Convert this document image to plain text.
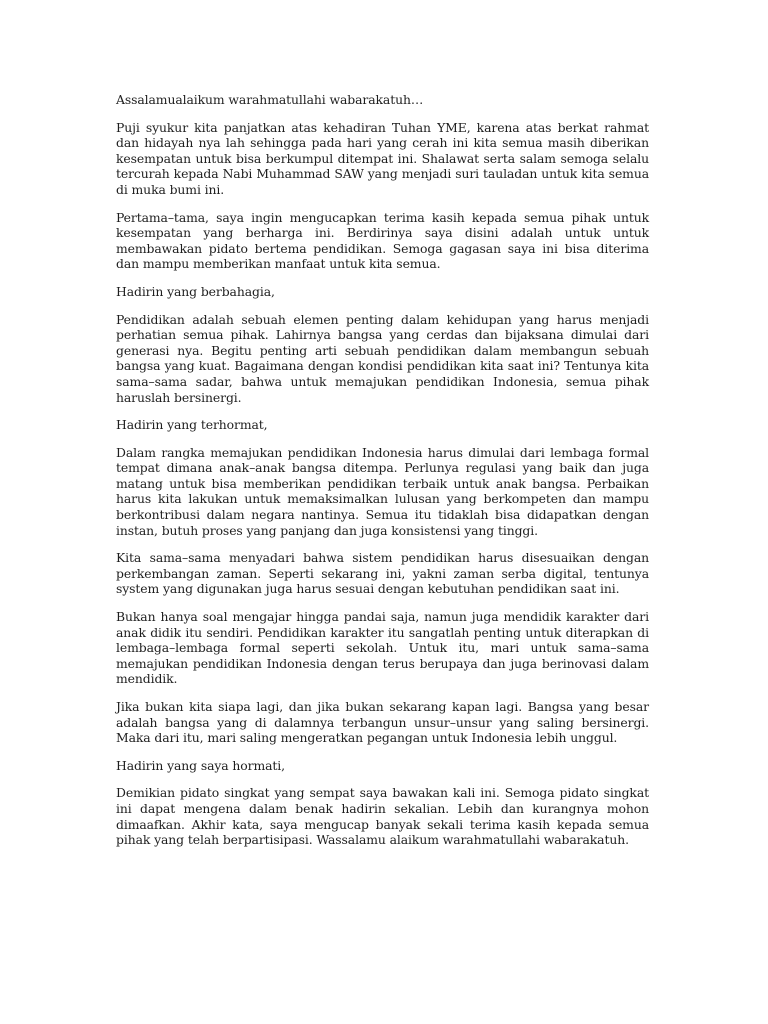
Assalamualaikum warahmatullahi wabarakatuh…

Puji syukur kita panjatkan atas kehadiran Tuhan YME, karena atas berkat rahmat dan hidayah nya lah sehingga pada hari yang cerah ini kita semua masih diberikan kesempatan untuk bisa berkumpul ditempat ini. Shalawat serta salam semoga selalu tercurah kepada Nabi Muhammad SAW yang menjadi suri tauladan untuk kita semua di muka bumi ini.

Pertama–tama, saya ingin mengucapkan terima kasih kepada semua pihak untuk kesempatan yang berharga ini. Berdirinya saya disini adalah untuk untuk membawakan pidato bertema pendidikan. Semoga gagasan saya ini bisa diterima dan mampu memberikan manfaat untuk kita semua.

Hadirin yang berbahagia,

Pendidikan adalah sebuah elemen penting dalam kehidupan yang harus menjadi perhatian semua pihak. Lahirnya bangsa yang cerdas dan bijaksana dimulai dari generasi nya. Begitu penting arti sebuah pendidikan dalam membangun sebuah bangsa yang kuat. Bagaimana dengan kondisi pendidikan kita saat ini? Tentunya kita sama–sama sadar, bahwa untuk memajukan pendidikan Indonesia, semua pihak haruslah bersinergi.

Hadirin yang terhormat,

Dalam rangka memajukan pendidikan Indonesia harus dimulai dari lembaga formal tempat dimana anak–anak bangsa ditempa. Perlunya regulasi yang baik dan juga matang untuk bisa memberikan pendidikan terbaik untuk anak bangsa. Perbaikan harus kita lakukan untuk memaksimalkan lulusan yang berkompeten dan mampu berkontribusi dalam negara nantinya. Semua itu tidaklah bisa didapatkan dengan instan, butuh proses yang panjang dan juga konsistensi yang tinggi.

Kita sama–sama menyadari bahwa sistem pendidikan harus disesuaikan dengan perkembangan zaman. Seperti sekarang ini, yakni zaman serba digital, tentunya system yang digunakan juga harus sesuai dengan kebutuhan pendidikan saat ini.

Bukan hanya soal mengajar hingga pandai saja, namun juga mendidik karakter dari anak didik itu sendiri. Pendidikan karakter itu sangatlah penting untuk diterapkan di lembaga–lembaga formal seperti sekolah. Untuk itu, mari untuk sama–sama memajukan pendidikan Indonesia dengan terus berupaya dan juga berinovasi dalam mendidik.

Jika bukan kita siapa lagi, dan jika bukan sekarang kapan lagi. Bangsa yang besar adalah bangsa yang di dalamnya terbangun unsur–unsur yang saling bersinergi. Maka dari itu, mari saling mengeratkan pegangan untuk Indonesia lebih unggul.

Hadirin yang saya hormati,

Demikian pidato singkat yang sempat saya bawakan kali ini. Semoga pidato singkat ini dapat mengena dalam benak hadirin sekalian. Lebih dan kurangnya mohon dimaafkan. Akhir kata, saya mengucap banyak sekali terima kasih kepada semua pihak yang telah berpartisipasi. Wassalamu alaikum warahmatullahi wabarakatuh.
